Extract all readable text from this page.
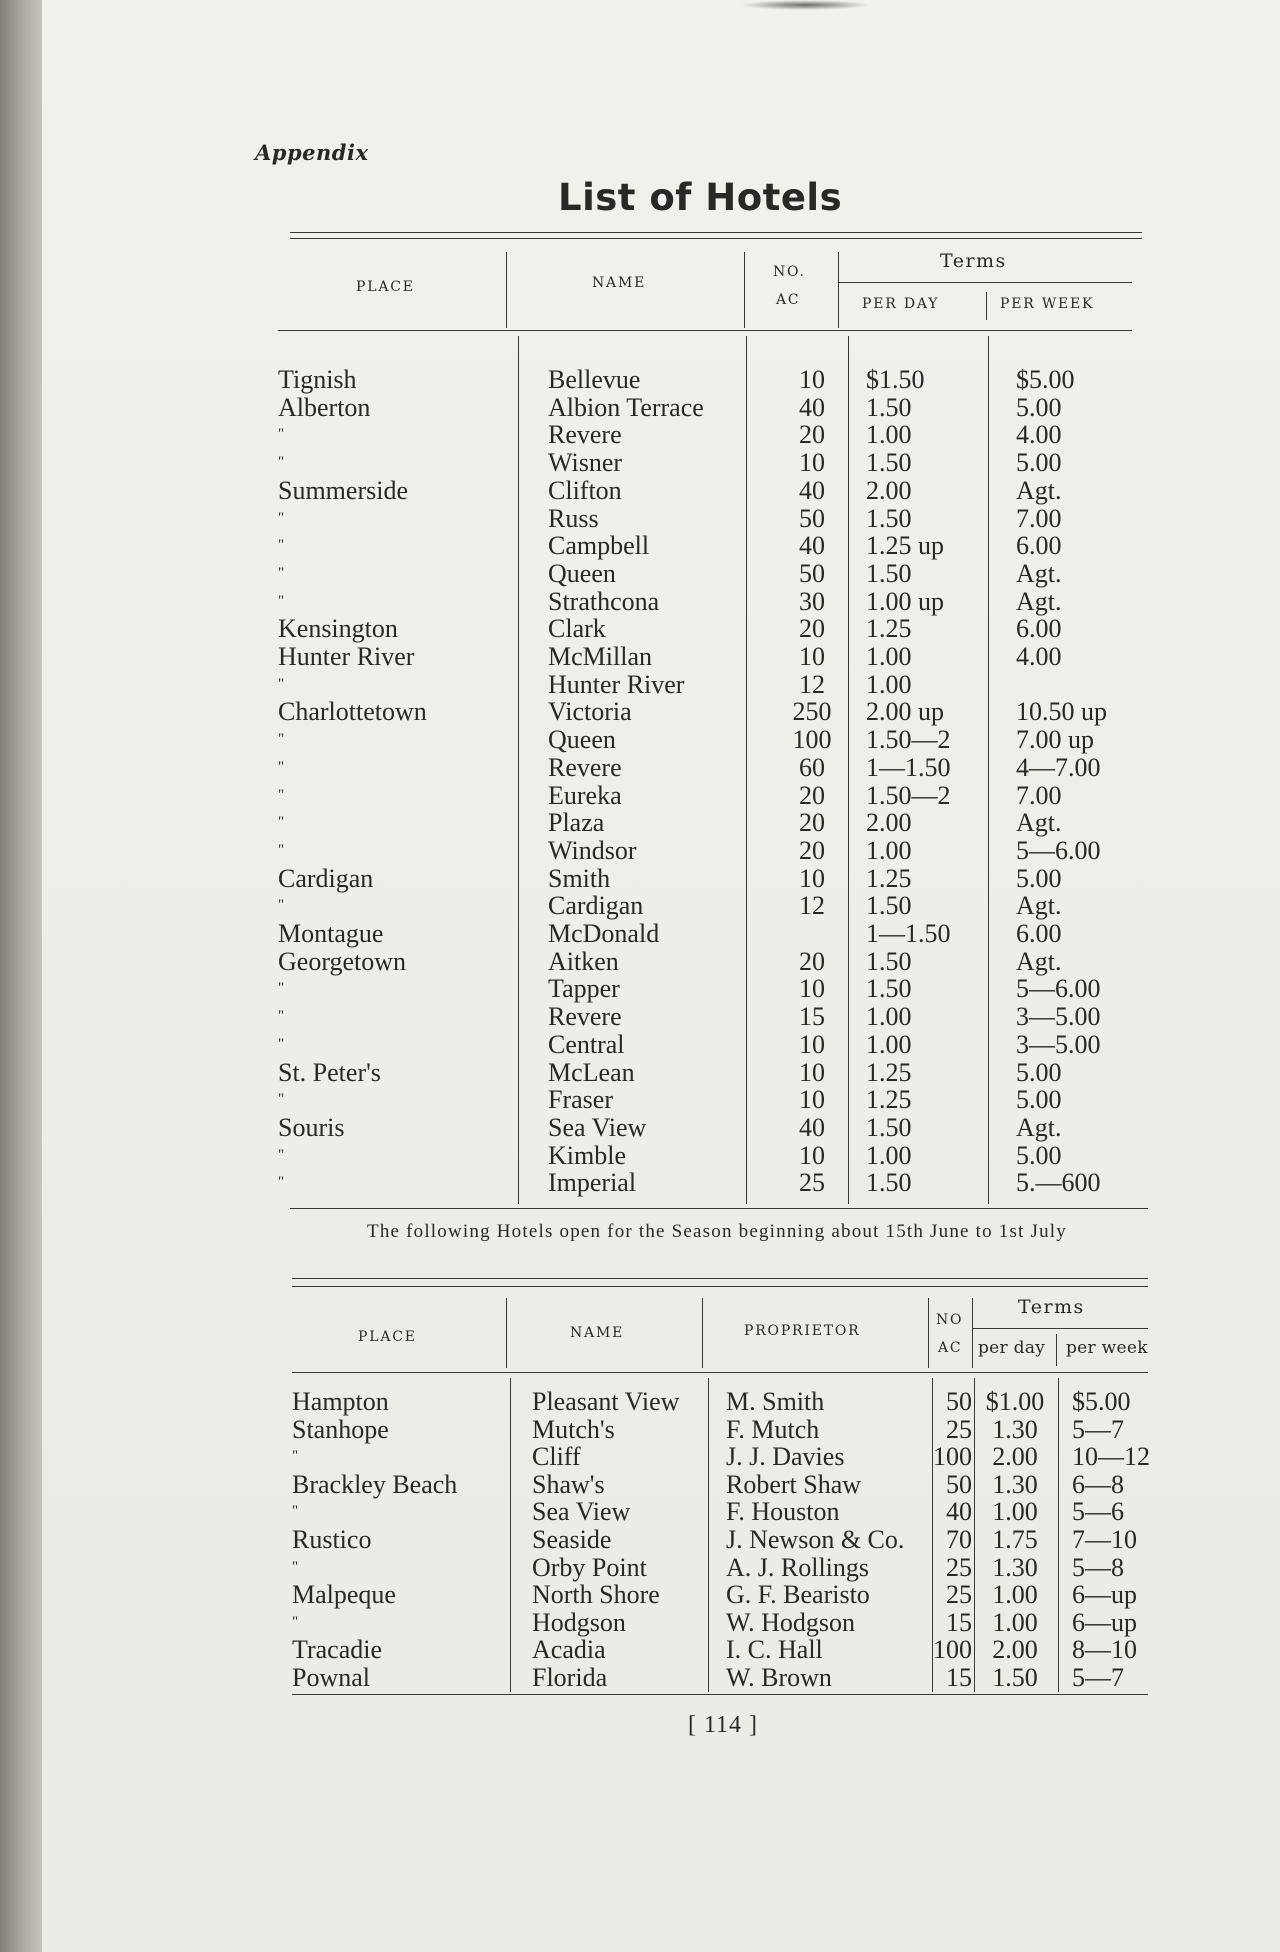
Appendix
List of Hotels
PLACE	NAME
NO.
AC
Terms
PER DAY	PER WEEK
Tignish	Bellevue	10	$1.50	$5.00
Alberton	Albion Terrace	40	1.50	5.00
"	Revere	20	1.00	4.00
"	Wisner	10	1.50	5.00
Summerside	Clifton	40	2.00	Agt.
"	Russ	50	1.50	7.00
"	Campbell	40	1.25 up	6.00
"	Queen	50	1.50	Agt.
"	Strathcona	30	1.00 up	Agt.
Kensington	Clark	20	1.25	6.00
Hunter River	McMillan	10	1.00	4.00
"	Hunter River	12	1.00	
Charlottetown	Victoria	250	2.00 up	10.50 up
"	Queen	100	1.50—2	7.00 up
"	Revere	60	1—1.50	4—7.00
"	Eureka	20	1.50—2	7.00
"	Plaza	20	2.00	Agt.
"	Windsor	20	1.00	5—6.00
Cardigan	Smith	10	1.25	5.00
"	Cardigan	12	1.50	Agt.
Montague	McDonald		1—1.50	6.00
Georgetown	Aitken	20	1.50	Agt.
"	Tapper	10	1.50	5—6.00
"	Revere	15	1.00	3—5.00
"	Central	10	1.00	3—5.00
St. Peter's	McLean	10	1.25	5.00
"	Fraser	10	1.25	5.00
Souris	Sea View	40	1.50	Agt.
"	Kimble	10	1.00	5.00
"	Imperial	25	1.50	5.—600
The following Hotels open for the Season beginning about 15th June to 1st July
PLACE	NAME	PROPRIETOR
NO
AC
Terms
per day per week
Hampton	Pleasant View	M. Smith	50	$1.00	$5.00
Stanhope	Mutch's	F. Mutch	25	1.30	5—7
"	Cliff	J. J. Davies	100	2.00	10—12
Brackley Beach	Shaw's	Robert Shaw	50	1.30	6—8
"	Sea View	F. Houston	40	1.00	5—6
Rustico	Seaside	J. Newson & Co.	70	1.75	7—10
"	Orby Point	A. J. Rollings	25	1.30	5—8
Malpeque	North Shore	G. F. Bearisto	25	1.00	6—up
"	Hodgson	W. Hodgson	15	1.00	6—up
Tracadie	Acadia	I. C. Hall	100	2.00	8—10
Pownal	Florida	W. Brown	15	1.50	5—7
[ 114 ]
